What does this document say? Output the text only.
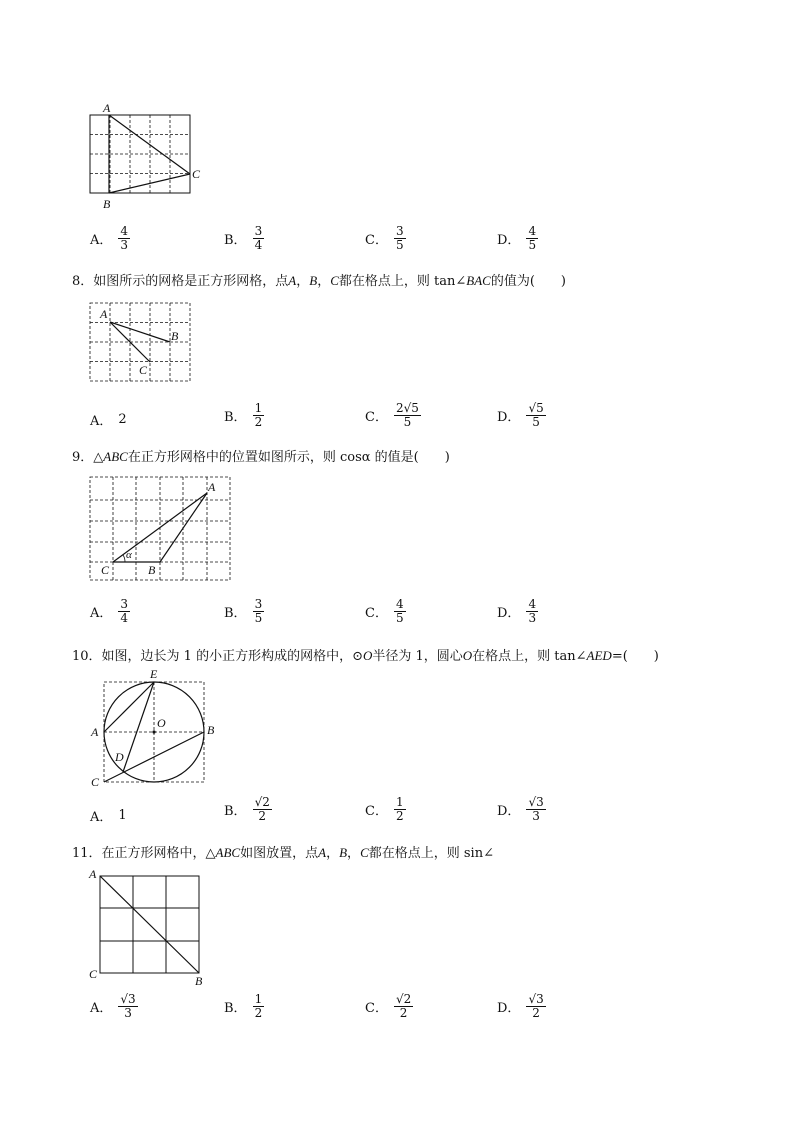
A
B
C
A． $\frac{4}{3}$	B． $\frac{3}{4}$	C． $\frac{3}{5}$	D． $\frac{4}{5}$
8．如图所示的网格是正方形网格，点A，B，C都在格点上，则 tan∠BAC的值为(　　)
A
B
C
A． 2	B． $\frac{1}{2}$	C． $\frac{2√5}{5}$	D． $\frac{√5}{5}$
9．△ABC在正方形网格中的位置如图所示，则 cosα 的值是(　　)
α
A
B
C
A． $\frac{3}{4}$	B． $\frac{3}{5}$	C． $\frac{4}{5}$	D． $\frac{4}{3}$
10．如图，边长为 1 的小正方形构成的网格中，⊙O半径为 1，圆心O在格点上，则 tan∠AED=(　　)
E
A	B
O
D
C
A． 1	B． $\frac{√2}{2}$	C． $\frac{1}{2}$	D． $\frac{√3}{3}$
11．在正方形网格中，△ABC如图放置，点A，B，C都在格点上，则 sin∠
A
C	B
A． $\frac{√3}{3}$	B． $\frac{1}{2}$	C． $\frac{√2}{2}$	D． $\frac{√3}{2}$
